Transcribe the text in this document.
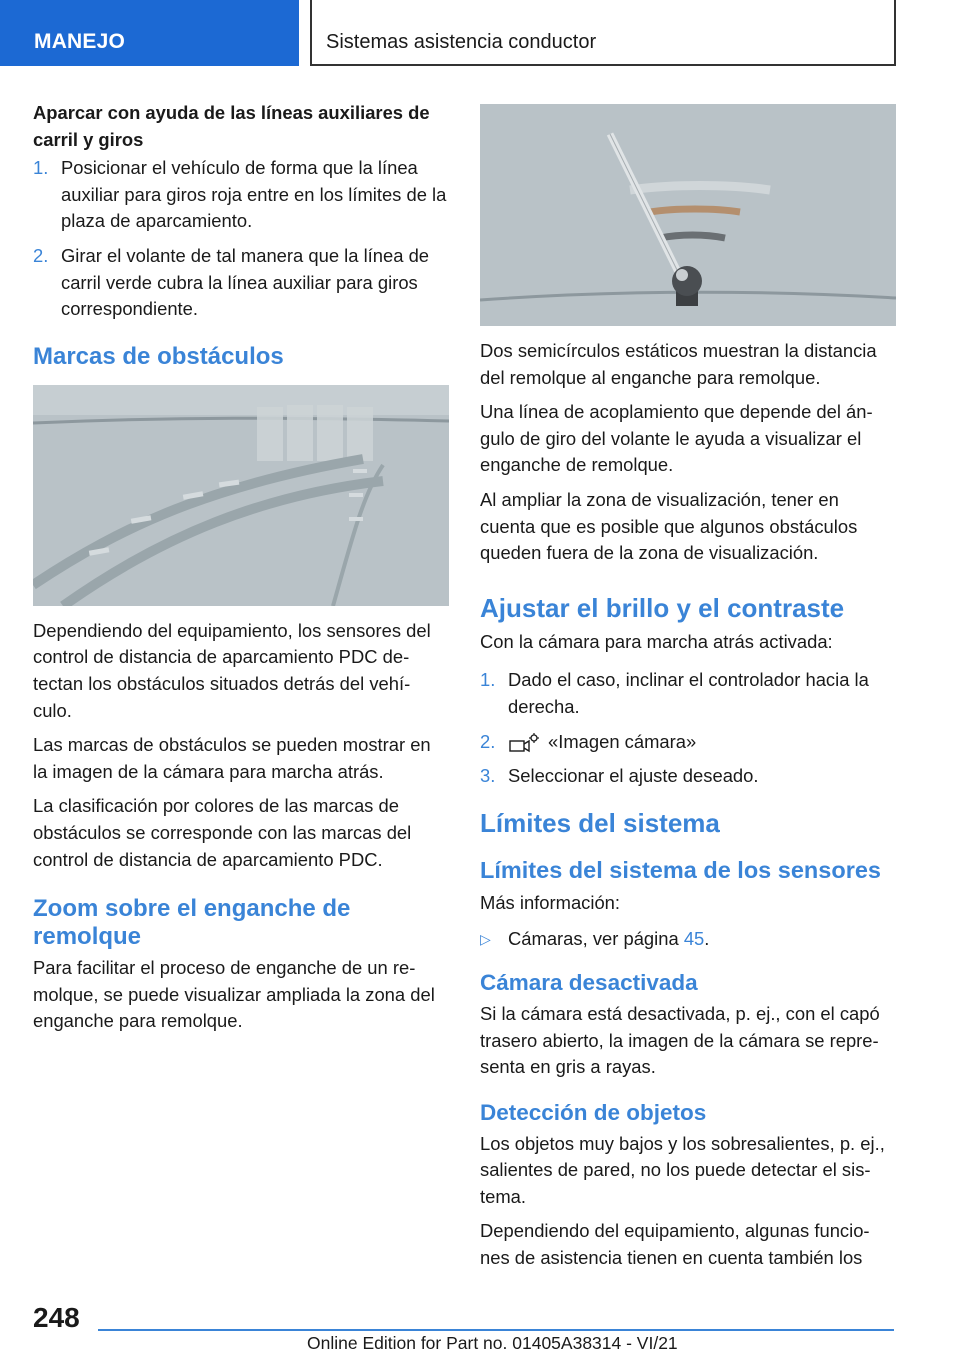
MANEJO	Sistemas asistencia conductor
Aparcar con ayuda de las líneas auxiliares de carril y giros
1. Posicionar el vehículo de forma que la línea auxiliar para giros roja entre en los límites de la plaza de aparcamiento.
2. Girar el volante de tal manera que la línea de carril verde cubra la línea auxiliar para giros correspondiente.
Marcas de obstáculos

Dependiendo del equipamiento, los sensores del control de distancia de aparcamiento PDC de-tectan los obstáculos situados detrás del vehí-culo.

Las marcas de obstáculos se pueden mostrar en la imagen de la cámara para marcha atrás.

La clasificación por colores de las marcas de obstáculos se corresponde con las marcas del control de distancia de aparcamiento PDC.

Zoom sobre el enganche de remolque

Para facilitar el proceso de enganche de un re-molque, se puede visualizar ampliada la zona del enganche para remolque.

Dos semicírculos estáticos muestran la distancia del remolque al enganche para remolque.

Una línea de acoplamiento que depende del án-gulo de giro del volante le ayuda a visualizar el enganche de remolque.

Al ampliar la zona de visualización, tener en cuenta que es posible que algunos obstáculos queden fuera de la zona de visualización.

Ajustar el brillo y el contraste

Con la cámara para marcha atrás activada:

1. Dado el caso, inclinar el controlador hacia la derecha.
2.	«Imagen cámara»
3. Seleccionar el ajuste deseado.
Límites del sistema
Límites del sistema de los sensores

Más información:

▷ Cámaras, ver página 45.
Cámara desactivada

Si la cámara está desactivada, p. ej., con el capó trasero abierto, la imagen de la cámara se repre-senta en gris a rayas.

Detección de objetos

Los objetos muy bajos y los sobresalientes, p. ej., salientes de pared, no los puede detectar el sis-tema.

Dependiendo del equipamiento, algunas funcio-nes de asistencia tienen en cuenta también los

248
Online Edition for Part no. 01405A38314 - VI/21
